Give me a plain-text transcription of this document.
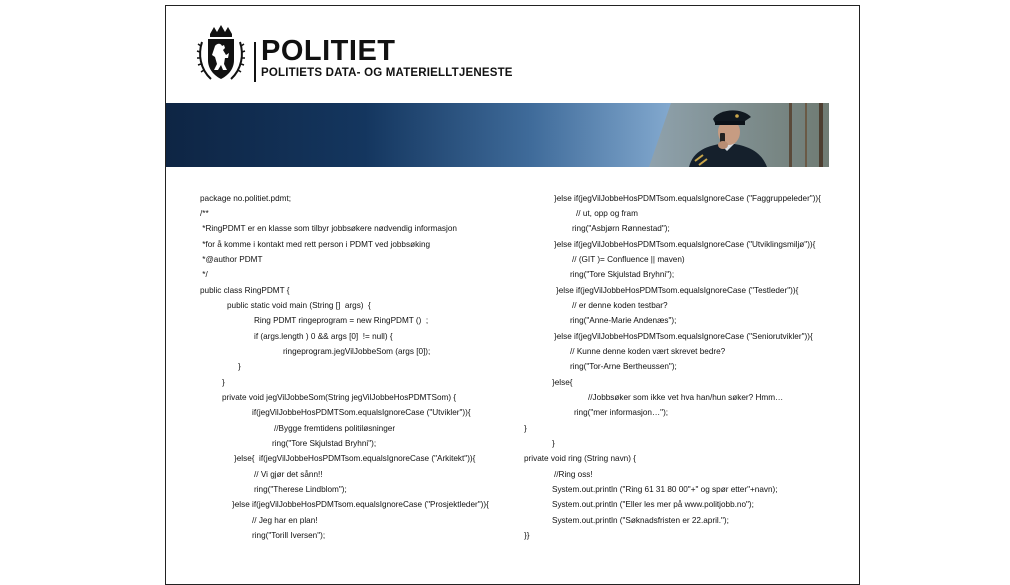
POLITIET
POLITIETS DATA- OG MATERIELLTJENESTE
package no.politiet.pdmt;
/**
*RingPDMT er en klasse som tilbyr jobbsøkere nødvendig informasjon
*for å komme i kontakt med rett person i PDMT ved jobbsøking
*@author PDMT
*/
public class RingPDMT {
public static void main (String []  args)  {
Ring PDMT ringeprogram = new RingPDMT ()  ;
if (args.length ) 0 && args [0]  != null) {
ringeprogram.jegVilJobbeSom (args [0]);
}
}
private void jegVilJobbeSom(String jegVilJobbeHosPDMTSom) {
if(jegVilJobbeHosPDMTSom.equalsIgnoreCase ("Utvikler")){
//Bygge fremtidens politiløsninger
ring("Tore Skjulstad Bryhni");
}else{  if(jegVilJobbeHosPDMTsom.equalsIgnoreCase ("Arkitekt")){
// Vi gjør det sånn!!
ring("Therese Lindblom");
}else if(jegVilJobbeHosPDMTsom.equalsIgnoreCase ("Prosjektleder")){
// Jeg har en plan!
ring("Torill Iversen");
}else if(jegVilJobbeHosPDMTsom.equalsIgnoreCase ("Faggruppeleder")){
// ut, opp og fram
ring("Asbjørn Rønnestad");
}else if(jegVilJobbeHosPDMTsom.equalsIgnoreCase ("Utviklingsmiljø")){
// (GIT )= Confluence || maven)
ring("Tore Skjulstad Bryhni");
}else if(jegVilJobbeHosPDMTsom.equalsIgnoreCase ("Testleder")){
// er denne koden testbar?
ring("Anne-Marie Andenæs");
}else if(jegVilJobbeHosPDMTsom.equalsIgnoreCase ("Seniorutvikler")){
// Kunne denne koden vært skrevet bedre?
ring("Tor-Arne Bertheussen");
}else{
//Jobbsøker som ikke vet hva han/hun søker? Hmm…
ring("mer informasjon…");
}
}
private void ring (String navn) {
//Ring oss!
System.out.println ("Ring 61 31 80 00"+" og spør etter"+navn);
System.out.println ("Eller les mer på www.politjobb.no");
System.out.println ("Søknadsfristen er 22.april.");
}}
